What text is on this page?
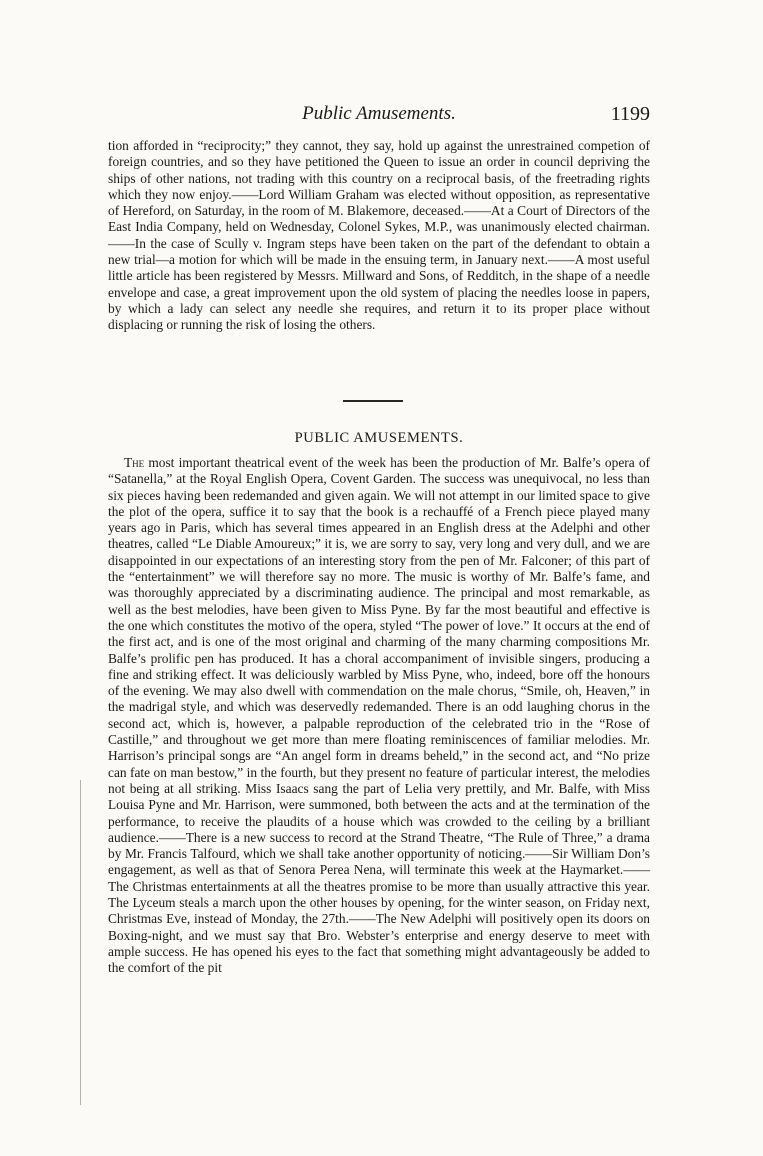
Public Amusements.	1199

tion afforded in “reciprocity;” they cannot, they say, hold up against the unrestrained competion of foreign countries, and so they have petitioned the Queen to issue an order in council depriving the ships of other nations, not trading with this country on a reciprocal basis, of the freetrading rights which they now enjoy.——Lord William Graham was elected without opposition, as representative of Hereford, on Saturday, in the room of M. Blakemore, deceased.——At a Court of Directors of the East India Company, held on Wednesday, Colonel Sykes, M.P., was unanimously elected chairman.——In the case of Scully v. Ingram steps have been taken on the part of the defendant to obtain a new trial—a motion for which will be made in the ensuing term, in January next.——A most useful little article has been registered by Messrs. Millward and Sons, of Redditch, in the shape of a needle envelope and case, a great improvement upon the old system of placing the needles loose in papers, by which a lady can select any needle she requires, and return it to its proper place without displacing or running the risk of losing the others.

PUBLIC AMUSEMENTS.

The most important theatrical event of the week has been the production of Mr. Balfe’s opera of “Satanella,” at the Royal English Opera, Covent Garden. The success was unequivocal, no less than six pieces having been redemanded and given again. We will not attempt in our limited space to give the plot of the opera, suffice it to say that the book is a rechauffé of a French piece played many years ago in Paris, which has several times appeared in an English dress at the Adelphi and other theatres, called “Le Diable Amoureux;” it is, we are sorry to say, very long and very dull, and we are disappointed in our expectations of an interesting story from the pen of Mr. Falconer; of this part of the “entertainment” we will therefore say no more. The music is worthy of Mr. Balfe’s fame, and was thoroughly appreciated by a discriminating audience. The principal and most remarkable, as well as the best melodies, have been given to Miss Pyne. By far the most beautiful and effective is the one which constitutes the motivo of the opera, styled “The power of love.” It occurs at the end of the first act, and is one of the most original and charming of the many charming compositions Mr. Balfe’s prolific pen has produced. It has a choral accompaniment of invisible singers, producing a fine and striking effect. It was deliciously warbled by Miss Pyne, who, indeed, bore off the honours of the evening. We may also dwell with commendation on the male chorus, “Smile, oh, Heaven,” in the madrigal style, and which was deservedly redemanded. There is an odd laughing chorus in the second act, which is, however, a palpable reproduction of the celebrated trio in the “Rose of Castille,” and throughout we get more than mere floating reminiscences of familiar melodies. Mr. Harrison’s principal songs are “An angel form in dreams beheld,” in the second act, and “No prize can fate on man bestow,” in the fourth, but they present no feature of particular interest, the melodies not being at all striking. Miss Isaacs sang the part of Lelia very prettily, and Mr. Balfe, with Miss Louisa Pyne and Mr. Harrison, were summoned, both between the acts and at the termination of the performance, to receive the plaudits of a house which was crowded to the ceiling by a brilliant audience.——There is a new success to record at the Strand Theatre, “The Rule of Three,” a drama by Mr. Francis Talfourd, which we shall take another opportunity of noticing.——Sir William Don’s engagement, as well as that of Senora Perea Nena, will terminate this week at the Haymarket.——The Christmas entertainments at all the theatres promise to be more than usually attractive this year. The Lyceum steals a march upon the other houses by opening, for the winter season, on Friday next, Christmas Eve, instead of Monday, the 27th.——The New Adelphi will positively open its doors on Boxing-night, and we must say that Bro. Webster’s enterprise and energy deserve to meet with ample success. He has opened his eyes to the fact that something might advantageously be added to the comfort of the pit
